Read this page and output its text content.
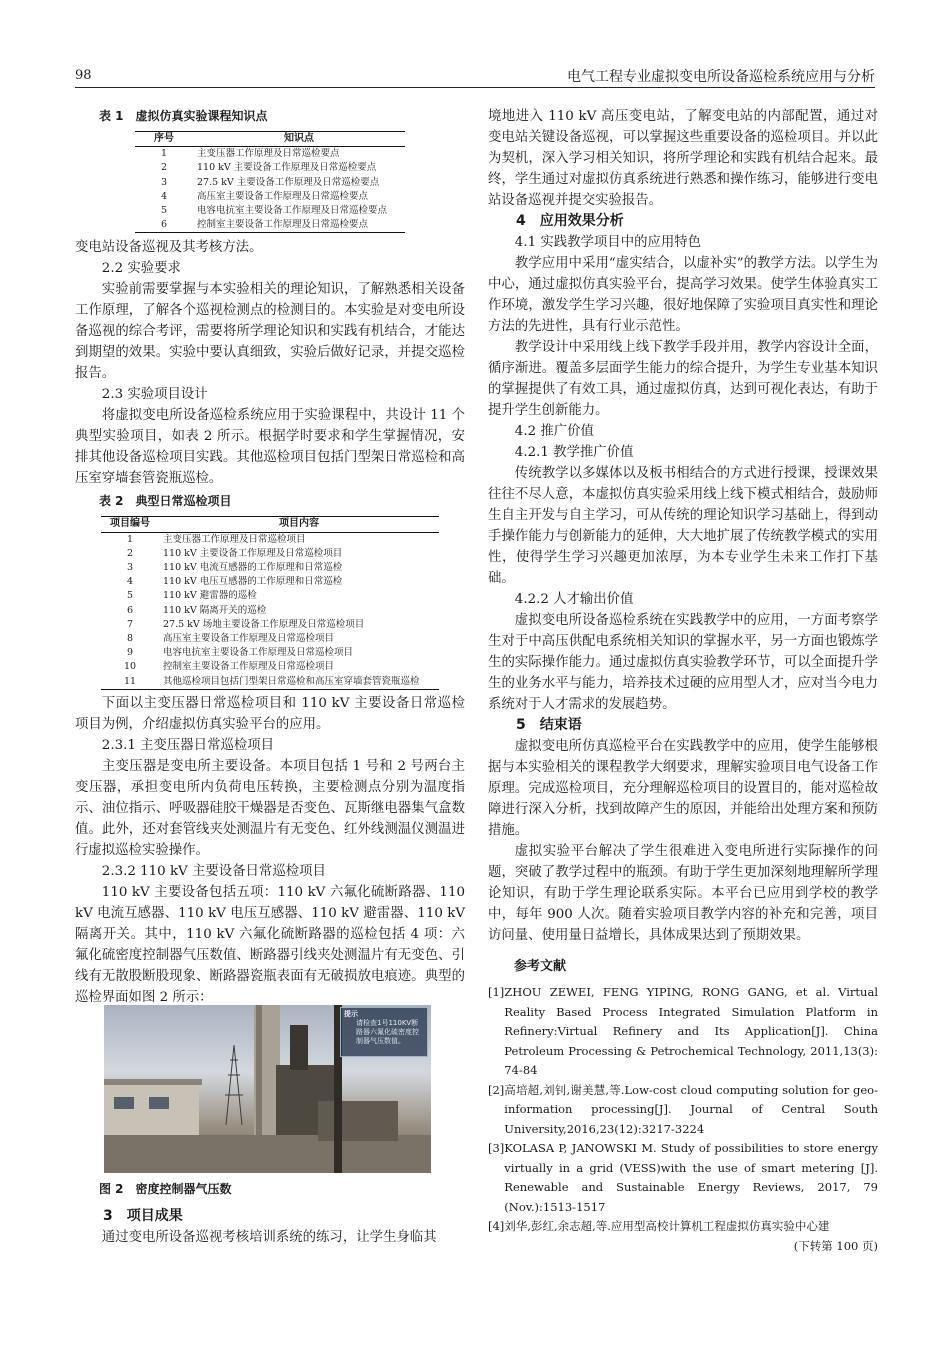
98	电气工程专业虚拟变电所设备巡检系统应用与分析

表 1　虚拟仿真实验课程知识点

序号	知识点
1	主变压器工作原理及日常巡检要点
2	110 kV 主要设备工作原理及日常巡检要点
3	27.5 kV 主要设备工作原理及日常巡检要点
4	高压室主要设备工作原理及日常巡检要点
5	电容电抗室主要设备工作原理及日常巡检要点
6	控制室主要设备工作原理及日常巡检要点

变电站设备巡视及其考核方法。

2.2 实验要求

实验前需要掌握与本实验相关的理论知识，了解熟悉相关设备工作原理，了解各个巡视检测点的检测目的。本实验是对变电所设备巡视的综合考评，需要将所学理论知识和实践有机结合，才能达到期望的效果。实验中要认真细致，实验后做好记录，并提交巡检报告。

2.3 实验项目设计

将虚拟变电所设备巡检系统应用于实验课程中，共设计 11 个典型实验项目，如表 2 所示。根据学时要求和学生掌握情况，安排其他设备巡检项目实践。其他巡检项目包括门型架日常巡检和高压室穿墙套管瓷瓶巡检。

表 2　典型日常巡检项目

项目编号	项目内容
1	主变压器工作原理及日常巡检项目
2	110 kV 主要设备工作原理及日常巡检项目
3	110 kV 电流互感器的工作原理和日常巡检
4	110 kV 电压互感器的工作原理和日常巡检
5	110 kV 避雷器的巡检
6	110 kV 隔离开关的巡检
7	27.5 kV 场地主要设备工作原理及日常巡检项目
8	高压室主要设备工作原理及日常巡检项目
9	电容电抗室主要设备工作原理及日常巡检项目
10	控制室主要设备工作原理及日常巡检项目
11	其他巡检项目包括门型架日常巡检和高压室穿墙套管瓷瓶巡检

下面以主变压器日常巡检项目和 110 kV 主要设备日常巡检项目为例，介绍虚拟仿真实验平台的应用。

2.3.1 主变压器日常巡检项目

主变压器是变电所主要设备。本项目包括 1 号和 2 号两台主变压器，承担变电所内负荷电压转换，主要检测点分别为温度指示、油位指示、呼吸器硅胶干燥器是否变色、瓦斯继电器集气盒数值。此外，还对套管线夹处测温片有无变色、红外线测温仪测温进行虚拟巡检实验操作。

2.3.2 110 kV 主要设备日常巡检项目

110 kV 主要设备包括五项：110 kV 六氟化硫断路器、110 kV 电流互感器、110 kV 电压互感器、110 kV 避雷器、110 kV 隔离开关。其中，110 kV 六氟化硫断路器的巡检包括 4 项：六氟化硫密度控制器气压数值、断路器引线夹处测温片有无变色、引线有无散股断股现象、断路器瓷瓶表面有无破损放电痕迹。典型的巡检界面如图 2 所示：

提示
请检查1号110KV断路器六氟化硫密度控制器气压数值。

图 2　密度控制器气压数

3　项目成果

通过变电所设备巡视考核培训系统的练习，让学生身临其

境地进入 110 kV 高压变电站，了解变电站的内部配置，通过对变电站关键设备巡视，可以掌握这些重要设备的巡检项目。并以此为契机，深入学习相关知识，将所学理论和实践有机结合起来。最终，学生通过对虚拟仿真系统进行熟悉和操作练习，能够进行变电站设备巡视并提交实验报告。

4　应用效果分析

4.1 实践教学项目中的应用特色

教学应用中采用“虚实结合，以虚补实”的教学方法。以学生为中心，通过虚拟仿真实验平台，提高学习效果。使学生体验真实工作环境，激发学生学习兴趣，很好地保障了实验项目真实性和理论方法的先进性，具有行业示范性。

教学设计中采用线上线下教学手段并用，教学内容设计全面，循序渐进。覆盖多层面学生能力的综合提升，为学生专业基本知识的掌握提供了有效工具，通过虚拟仿真，达到可视化表达，有助于提升学生创新能力。

4.2 推广价值

4.2.1 教学推广价值

传统教学以多媒体以及板书相结合的方式进行授课，授课效果往往不尽人意，本虚拟仿真实验采用线上线下模式相结合，鼓励师生自主开发与自主学习，可从传统的理论知识学习基础上，得到动手操作能力与创新能力的延伸，大大地扩展了传统教学模式的实用性，使得学生学习兴趣更加浓厚，为本专业学生未来工作打下基础。

4.2.2 人才输出价值

虚拟变电所设备巡检系统在实践教学中的应用，一方面考察学生对于中高压供配电系统相关知识的掌握水平，另一方面也锻炼学生的实际操作能力。通过虚拟仿真实验教学环节，可以全面提升学生的业务水平与能力，培养技术过硬的应用型人才，应对当今电力系统对于人才需求的发展趋势。

5　结束语

虚拟变电所仿真巡检平台在实践教学中的应用，使学生能够根据与本实验相关的课程教学大纲要求，理解实验项目电气设备工作原理。完成巡检项目，充分理解巡检项目的设置目的，能对巡检故障进行深入分析，找到故障产生的原因，并能给出处理方案和预防措施。

虚拟实验平台解决了学生很难进入变电所进行实际操作的问题，突破了教学过程中的瓶颈。有助于学生更加深刻地理解所学理论知识，有助于学生理论联系实际。本平台已应用到学校的教学中，每年 900 人次。随着实验项目教学内容的补充和完善，项目访问量、使用量日益增长，具体成果达到了预期效果。

参考文献

[1] ZHOU ZEWEI, FENG YIPING, RONG GANG, et al. Virtual Reality Based Process Integrated Simulation Platform in Refinery:Virtual Refinery and Its Application[J]. China Petroleum Processing & Petrochemical Technology, 2011,13(3): 74-84
[2] 高培超,刘钊,谢美慧,等.Low-cost cloud computing solution for geo-information processing[J]. Journal of Central South University,2016,23(12):3217-3224
[3] KOLASA P, JANOWSKI M. Study of possibilities to store energy virtually in a grid (VESS)with the use of smart metering [J]. Renewable and Sustainable Energy Reviews, 2017, 79 (Nov.):1513-1517
[4] 刘华,彭红,余志超,等.应用型高校计算机工程虚拟仿真实验中心建
(下转第 100 页)
